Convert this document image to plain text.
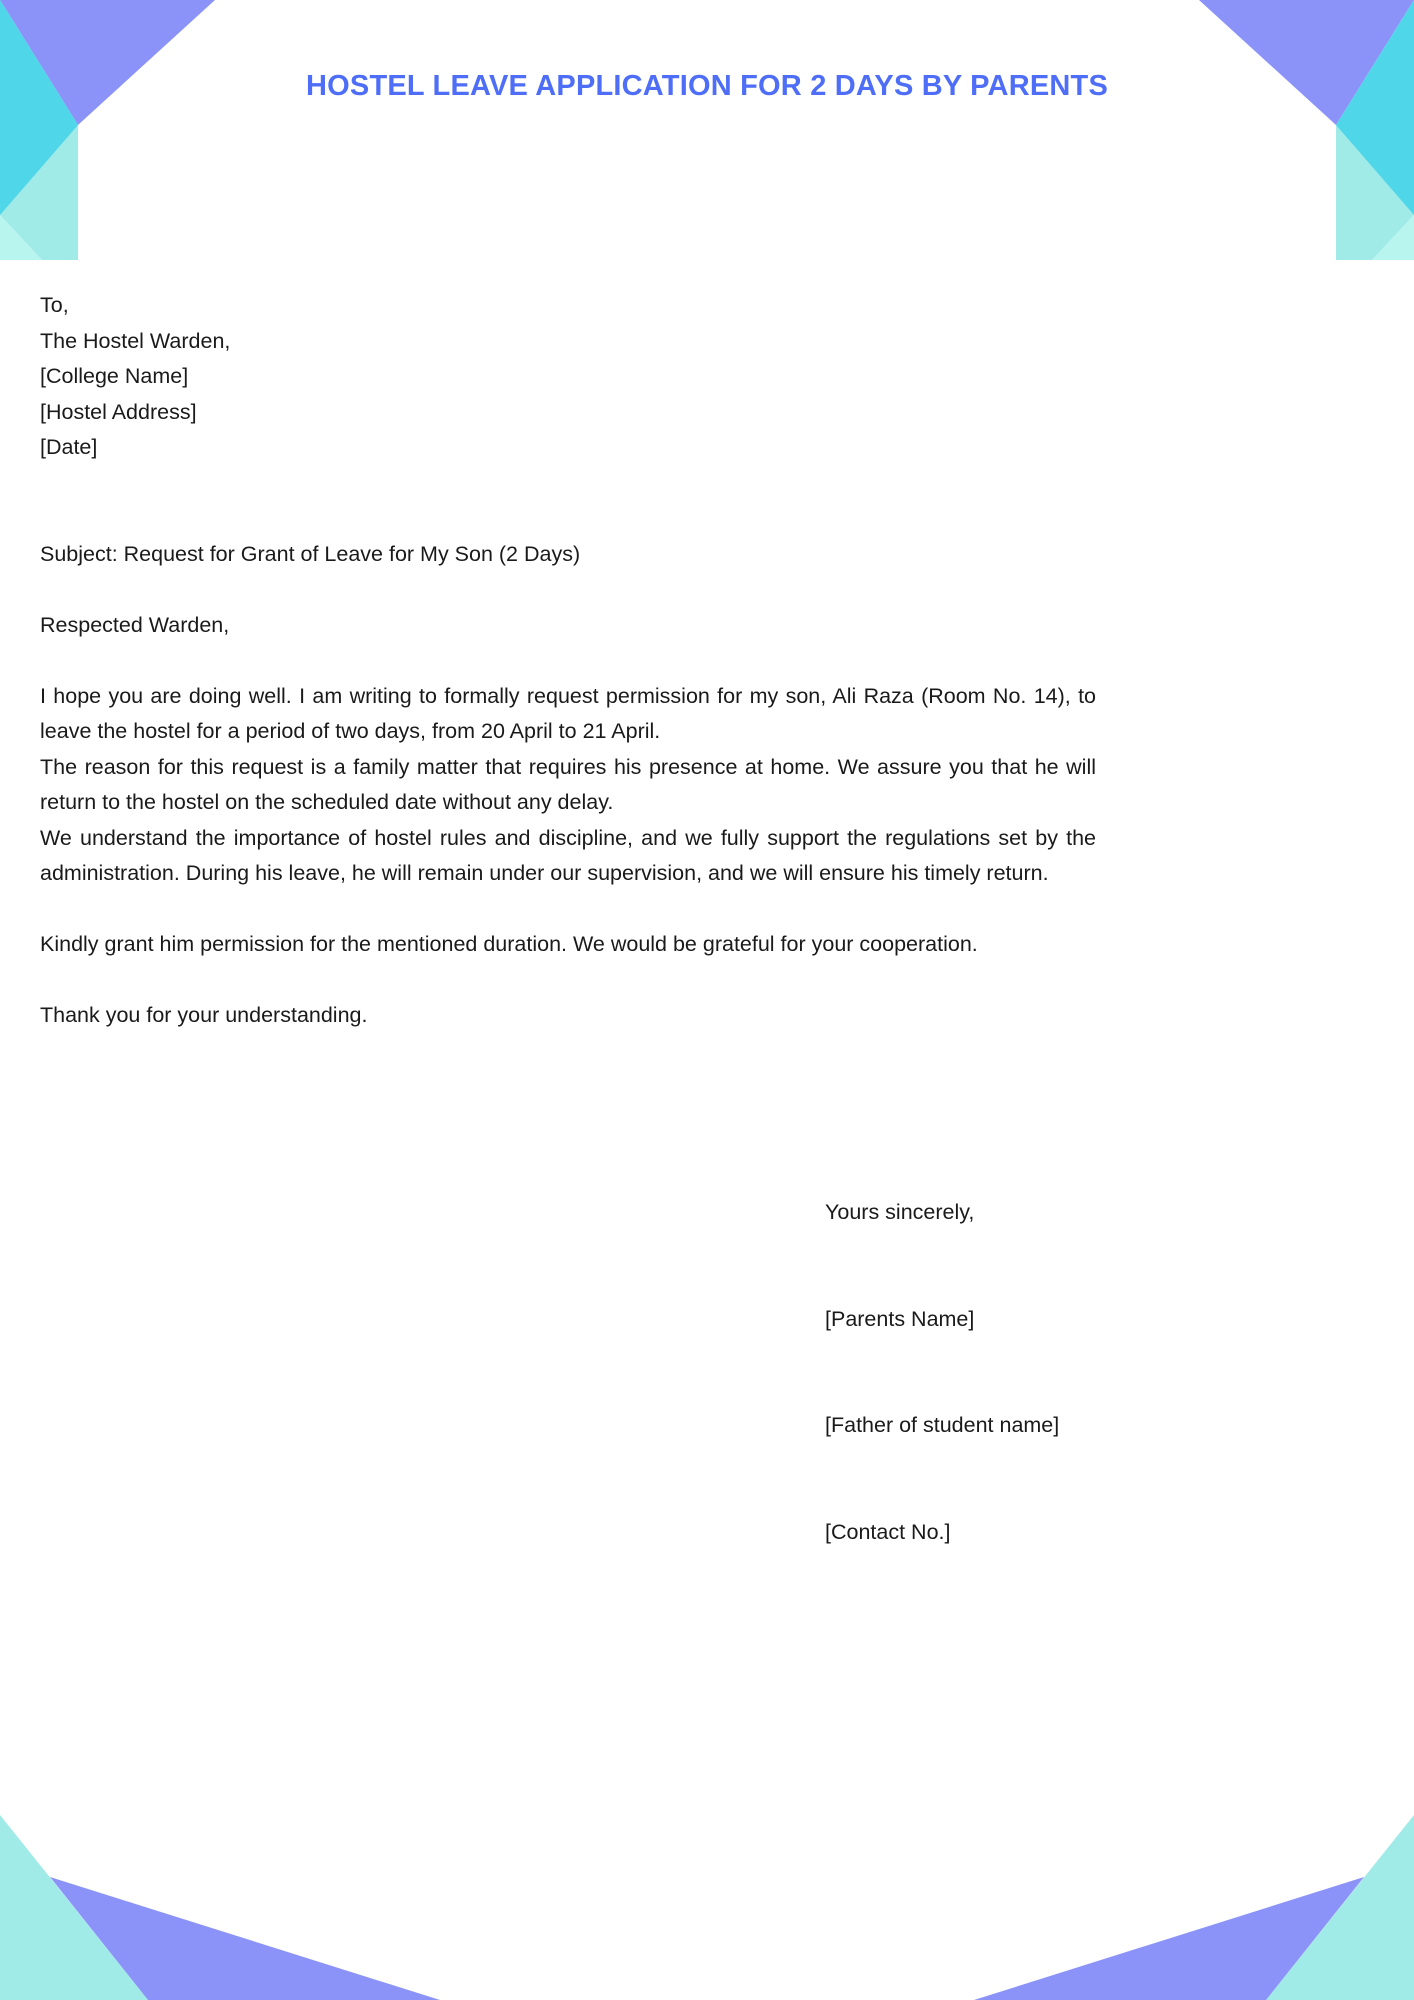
HOSTEL LEAVE APPLICATION FOR 2 DAYS BY PARENTS
To,
The Hostel Warden,
[College Name]
[Hostel Address]
[Date]
Subject: Request for Grant of Leave for My Son (2 Days)
Respected Warden,
I hope you are doing well. I am writing to formally request permission for my son, Ali Raza (Room No. 14), to leave the hostel for a period of two days, from 20 April to 21 April.
The reason for this request is a family matter that requires his presence at home. We assure you that he will return to the hostel on the scheduled date without any delay.
We understand the importance of hostel rules and discipline, and we fully support the regulations set by the administration. During his leave, he will remain under our supervision, and we will ensure his timely return.
Kindly grant him permission for the mentioned duration. We would be grateful for your cooperation.
Thank you for your understanding.

Yours sincerely,

[Parents Name]

[Father of student name]

[Contact No.]
